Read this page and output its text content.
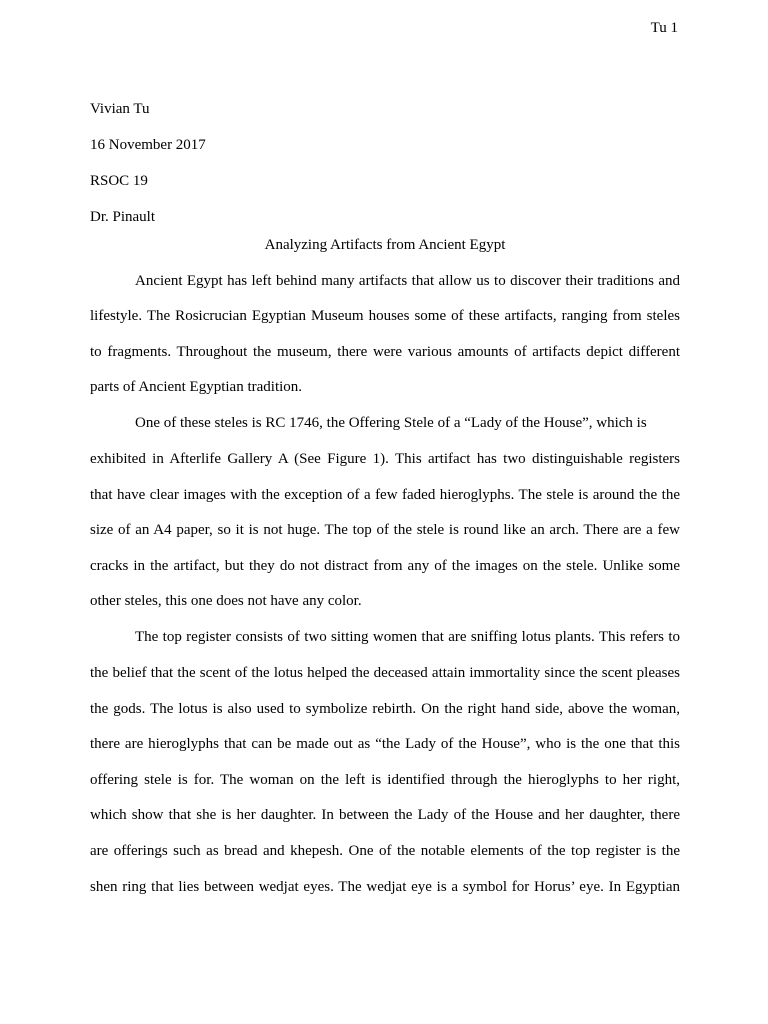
Tu 1
Vivian Tu
16 November 2017
RSOC 19
Dr. Pinault
Analyzing Artifacts from Ancient Egypt
Ancient Egypt has left behind many artifacts that allow us to discover their traditions and
lifestyle. The Rosicrucian Egyptian Museum houses some of these artifacts, ranging from steles
to fragments. Throughout the museum, there were various amounts of artifacts depict different
parts of Ancient Egyptian tradition.
One of these steles is RC 1746, the Offering Stele of a “Lady of the House”, which is
exhibited in Afterlife Gallery A (See Figure 1). This artifact has two distinguishable registers
that have clear images with the exception of a few faded hieroglyphs. The stele is around the the
size of an A4 paper, so it is not huge. The top of the stele is round like an arch. There are a few
cracks in the artifact, but they do not distract from any of the images on the stele. Unlike some
other steles, this one does not have any color.
The top register consists of two sitting women that are sniffing lotus plants. This refers to
the belief that the scent of the lotus helped the deceased attain immortality since the scent pleases
the gods. The lotus is also used to symbolize rebirth. On the right hand side, above the woman,
there are hieroglyphs that can be made out as “the Lady of the House”, who is the one that this
offering stele is for. The woman on the left is identified through the hieroglyphs to her right,
which show that she is her daughter. In between the Lady of the House and her daughter, there
are offerings such as bread and khepesh. One of the notable elements of the top register is the
shen ring that lies between wedjat eyes. The wedjat eye is a symbol for Horus’ eye. In Egyptian
